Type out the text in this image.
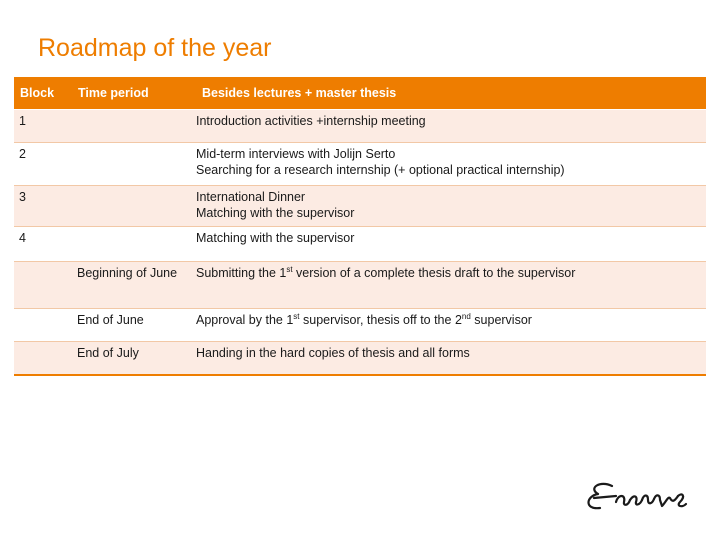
Roadmap of the year
Block	Time period	Besides lectures + master thesis
1		Introduction activities +internship meeting

2		Mid-term interviews with Jolijn Serto
Searching for a research internship (+ optional practical internship)

3		International Dinner
Matching with the supervisor

4		Matching with the supervisor

	Beginning of June	Submitting the 1st version of a complete thesis draft to the supervisor
	End of June	Approval by the 1st supervisor, thesis off to the 2nd supervisor
	End of July	Handing in the hard copies of thesis and all forms
